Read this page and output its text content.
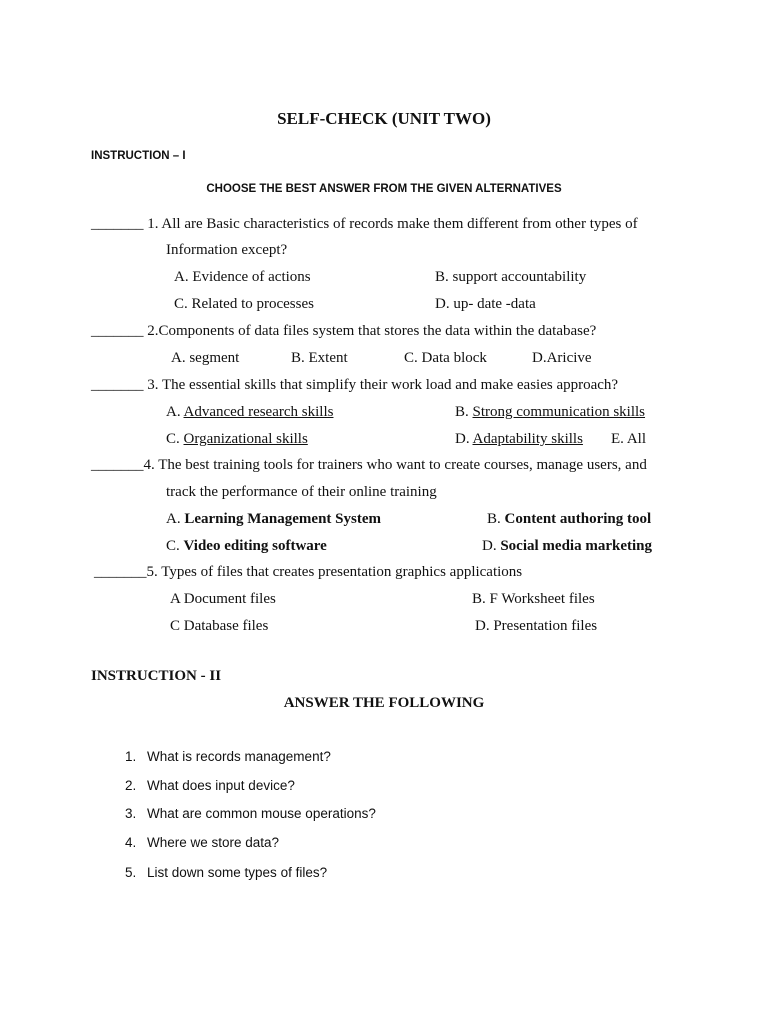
SELF-CHECK (UNIT TWO)
INSTRUCTION – I
CHOOSE THE BEST ANSWER FROM THE GIVEN ALTERNATIVES
_______ 1. All are Basic characteristics of records make them different from other types of
Information except?
A. Evidence of actions	B. support accountability
C. Related to processes	D. up- date -data
_______ 2.Components of data files system that stores the data within the database?
A. segment	B. Extent	C. Data block	D.Aricive
_______ 3. The essential skills that simplify their work load and make easies approach?
A. Advanced research skills	B. Strong communication skills
C. Organizational skills	D. Adaptability skills E. All
_______4. The best training tools for trainers who want to create courses, manage users, and
track the performance of their online training
A. Learning Management System	B. Content authoring tool
C. Video editing software	D. Social media marketing
_______5. Types of files that creates presentation graphics applications
A Document files	B. F Worksheet files
C Database files	D. Presentation files
INSTRUCTION - II
ANSWER THE FOLLOWING
1. What is records management?
2. What does input device?
3. What are common mouse operations?
4. Where we store data?
5. List down some types of files?
